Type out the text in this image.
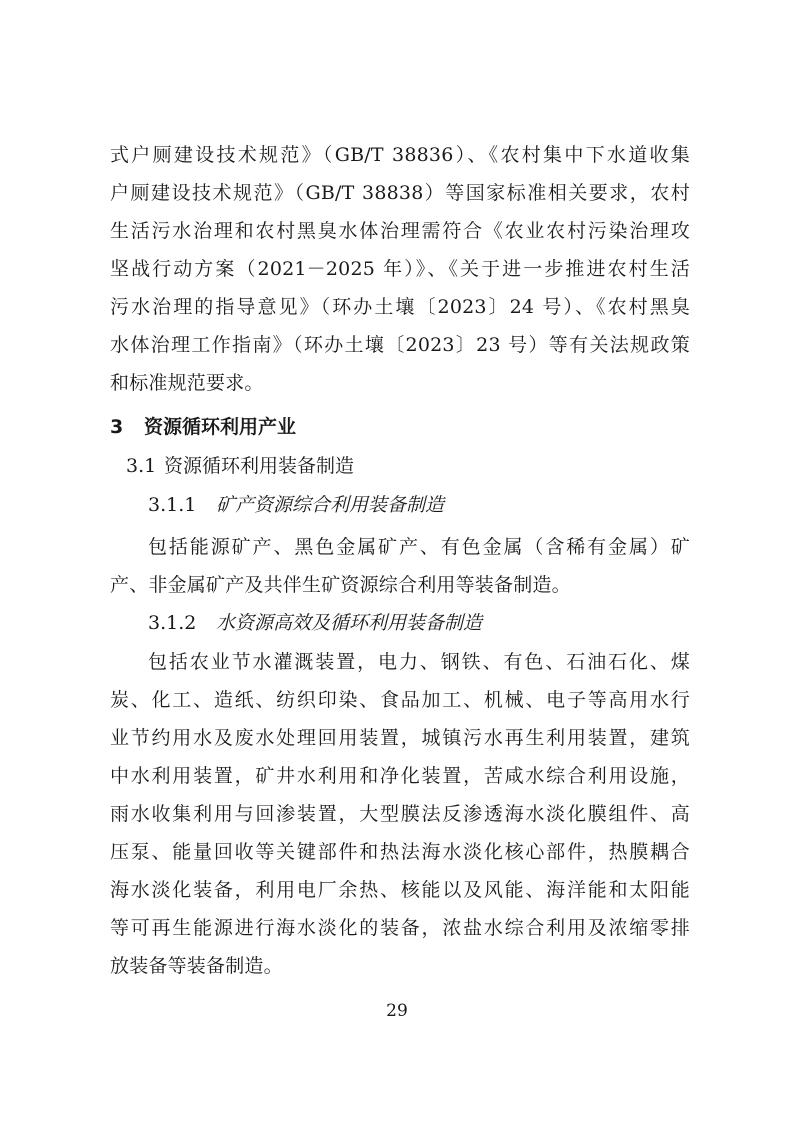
式户厕建设技术规范》（GB/T 38836）、《农村集中下水道收集
户厕建设技术规范》（GB/T 38838）等国家标准相关要求，农村
生活污水治理和农村黑臭水体治理需符合《农业农村污染治理攻
坚战行动方案（2021－2025 年）》、《关于进一步推进农村生活
污水治理的指导意见》（环办土壤〔2023〕24 号）、《农村黑臭
水体治理工作指南》（环办土壤〔2023〕23 号）等有关法规政策
和标准规范要求。
3 资源循环利用产业
3.1 资源循环利用装备制造
3.1.1 矿产资源综合利用装备制造
包括能源矿产、黑色金属矿产、有色金属（含稀有金属）矿
产、非金属矿产及共伴生矿资源综合利用等装备制造。
3.1.2 水资源高效及循环利用装备制造
包括农业节水灌溉装置，电力、钢铁、有色、石油石化、煤
炭、化工、造纸、纺织印染、食品加工、机械、电子等高用水行
业节约用水及废水处理回用装置，城镇污水再生利用装置，建筑
中水利用装置，矿井水利用和净化装置，苦咸水综合利用设施，
雨水收集利用与回渗装置，大型膜法反渗透海水淡化膜组件、高
压泵、能量回收等关键部件和热法海水淡化核心部件，热膜耦合
海水淡化装备，利用电厂余热、核能以及风能、海洋能和太阳能
等可再生能源进行海水淡化的装备，浓盐水综合利用及浓缩零排
放装备等装备制造。
29
